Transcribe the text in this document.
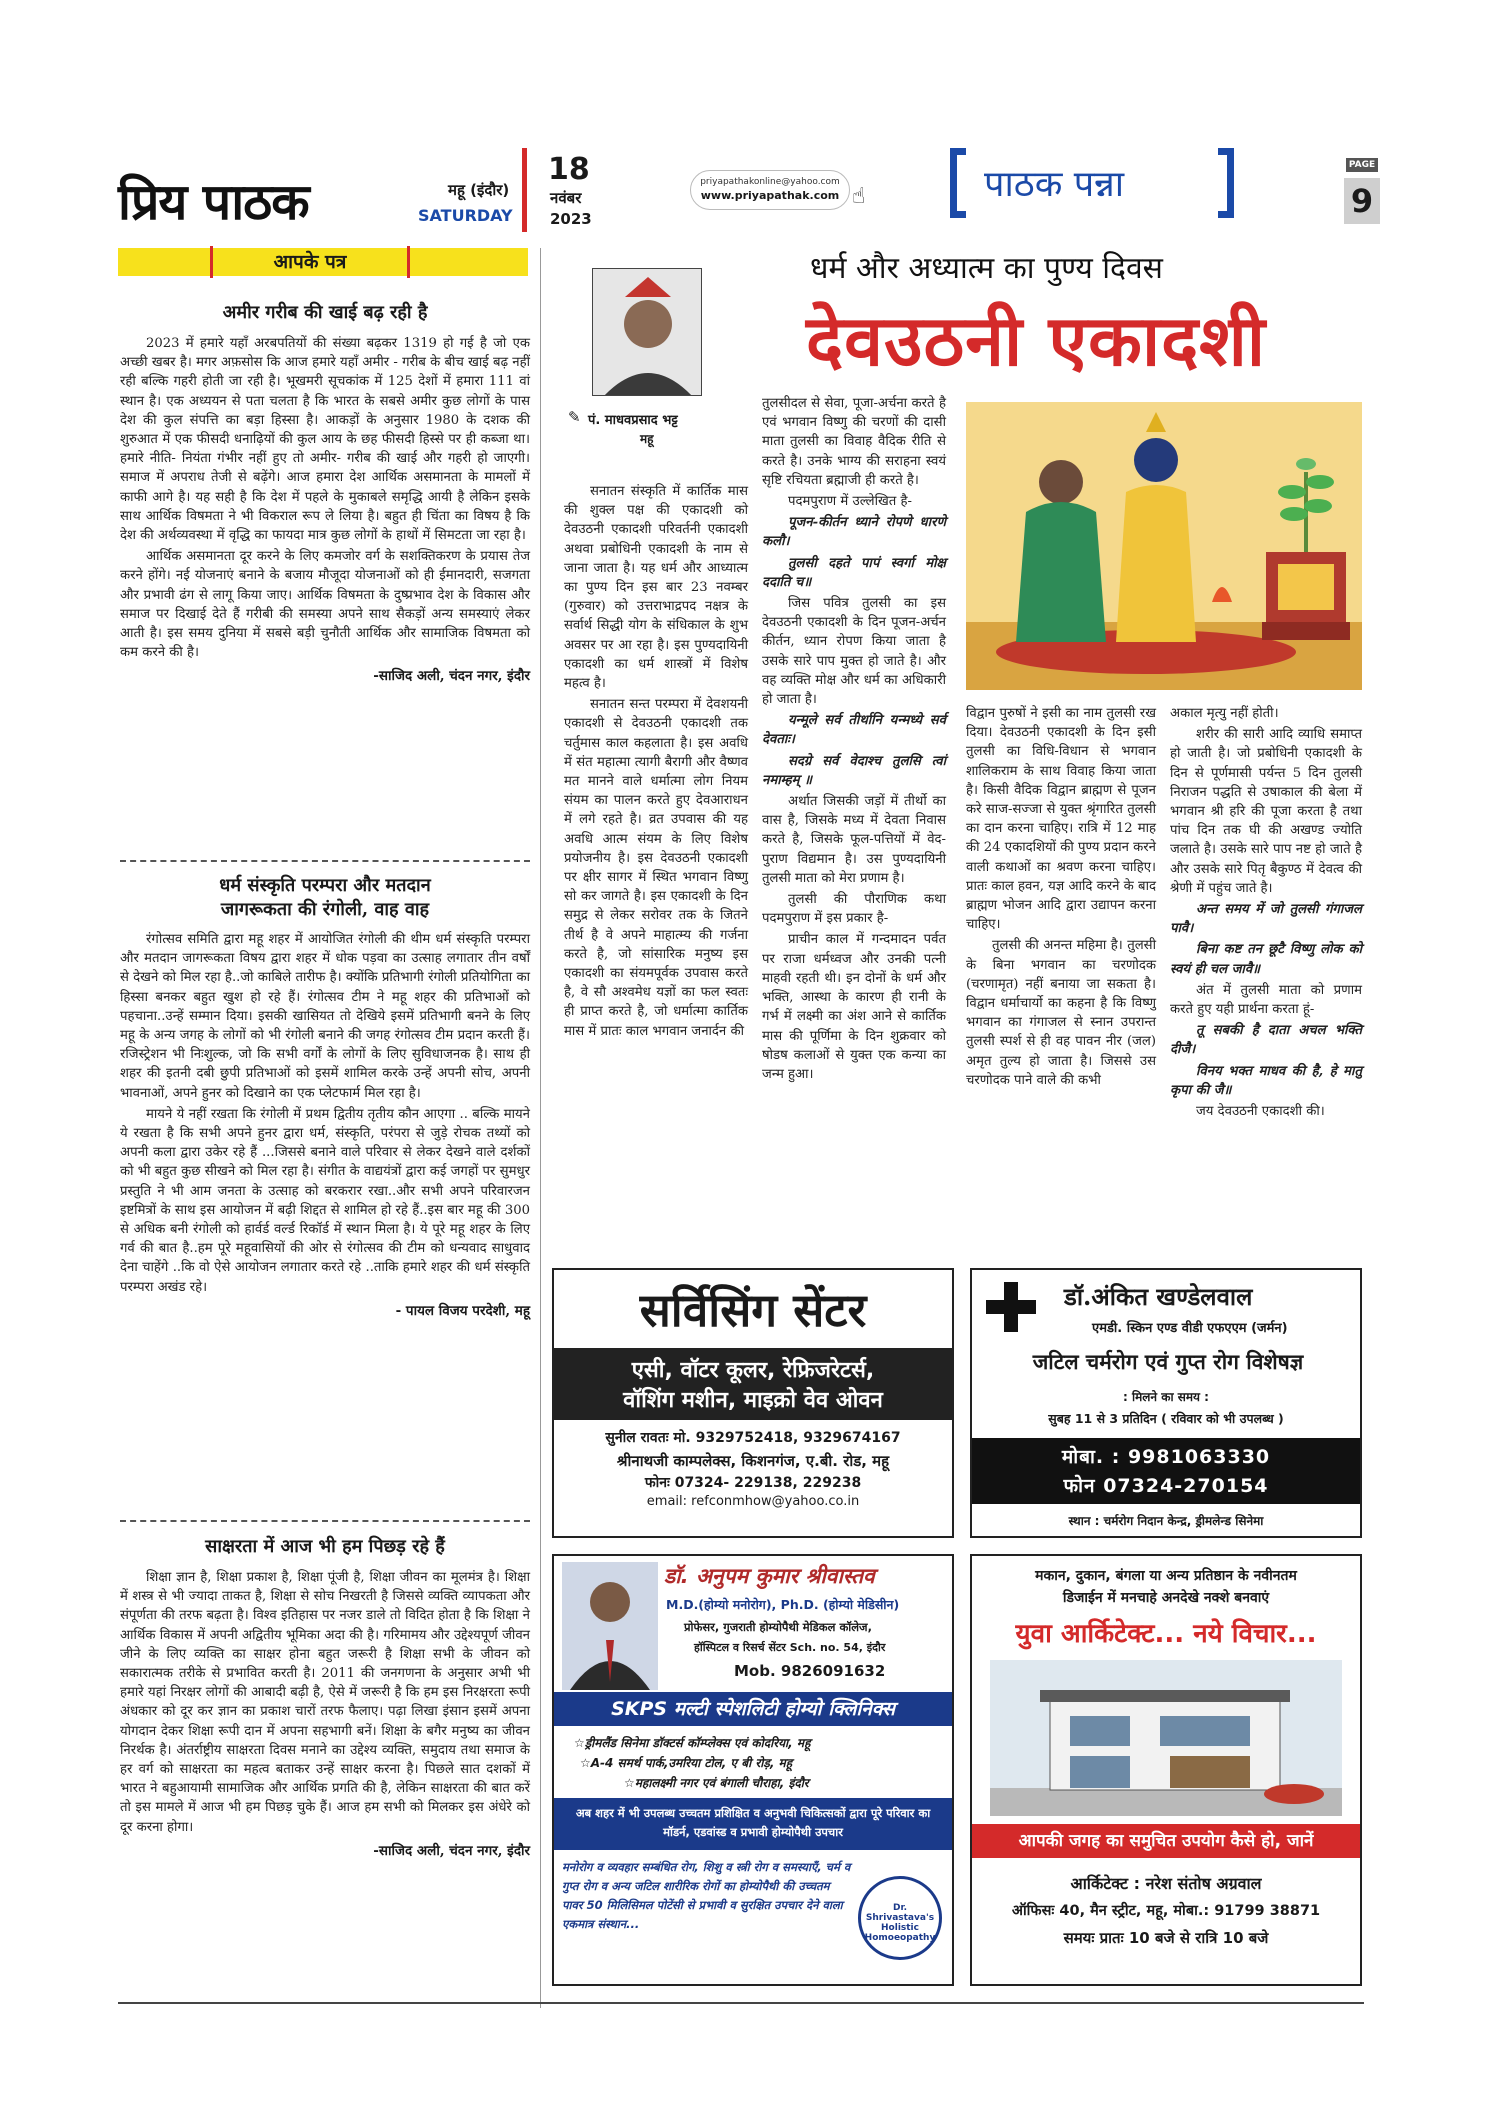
प्रिय पाठक	महू (इंदौर)
SATURDAY
18
नवंबर
2023
priyapathakonline@yahoo.com
www.priyapathak.com ☝	पाठक पन्ना	PAGE
9
आपके पत्र
अमीर गरीब की खाई बढ़ रही है

2023 में हमारे यहाँ अरबपतियों की संख्या बढ़कर 1319 हो गई है जो एक अच्छी खबर है। मगर अफ़सोस कि आज हमारे यहाँ अमीर - गरीब के बीच खाई बढ़ नहीं रही बल्कि गहरी होती जा रही है। भूखमरी सूचकांक में 125 देशों में हमारा 111 वां स्थान है। एक अध्ययन से पता चलता है कि भारत के सबसे अमीर कुछ लोगों के पास देश की कुल संपत्ति का बड़ा हिस्सा है। आकड़ों के अनुसार 1980 के दशक की शुरुआत में एक फीसदी धनाढ़ियों की कुल आय के छह फीसदी हिस्से पर ही कब्जा था। हमारे नीति- नियंता गंभीर नहीं हुए तो अमीर- गरीब की खाई और गहरी हो जाएगी। समाज में अपराध तेजी से बढ़ेंगे। आज हमारा देश आर्थिक असमानता के मामलों में काफी आगे है। यह सही है कि देश में पहले के मुकाबले समृद्धि आयी है लेकिन इसके साथ आर्थिक विषमता ने भी विकराल रूप ले लिया है। बहुत ही चिंता का विषय है कि देश की अर्थव्यवस्था में वृद्धि का फायदा मात्र कुछ लोगों के हाथों में सिमटता जा रहा है।

आर्थिक असमानता दूर करने के लिए कमजोर वर्ग के सशक्तिकरण के प्रयास तेज करने होंगे। नई योजनाएं बनाने के बजाय मौजूदा योजनाओं को ही ईमानदारी, सजगता और प्रभावी ढंग से लागू किया जाए। आर्थिक विषमता के दुष्प्रभाव देश के विकास और समाज पर दिखाई देते हैं गरीबी की समस्या अपने साथ सैकड़ों अन्य समस्याएं लेकर आती है। इस समय दुनिया में सबसे बड़ी चुनौती आर्थिक और सामाजिक विषमता को कम करने की है।

-साजिद अली, चंदन नगर, इंदौर
धर्म संस्कृति परम्परा और मतदान
जागरूकता की रंगोली, वाह वाह

रंगोत्सव समिति द्वारा महू शहर में आयोजित रंगोली की थीम धर्म संस्कृति परम्परा और मतदान जागरूकता विषय द्वारा शहर में धोक पड़वा का उत्साह लगातार तीन वर्षों से देखने को मिल रहा है..जो काबिले तारीफ है। क्योंकि प्रतिभागी रंगोली प्रतियोगिता का हिस्सा बनकर बहुत खुश हो रहे हैं। रंगोत्सव टीम ने महू शहर की प्रतिभाओं को पहचाना..उन्हें सम्मान दिया। इसकी खासियत तो देखिये इसमें प्रतिभागी बनने के लिए महू के अन्य जगह के लोगों को भी रंगोली बनाने की जगह रंगोत्सव टीम प्रदान करती हैं। रजिस्ट्रेशन भी निःशुल्क, जो कि सभी वर्गों के लोगों के लिए सुविधाजनक है। साथ ही शहर की इतनी दबी छुपी प्रतिभाओं को इसमें शामिल करके उन्हें अपनी सोच, अपनी भावनाओं, अपने हुनर को दिखाने का एक प्लेटफार्म मिल रहा है।

मायने ये नहीं रखता कि रंगोली में प्रथम द्वितीय तृतीय कौन आएगा .. बल्कि मायने ये रखता है कि सभी अपने हुनर द्वारा धर्म, संस्कृति, परंपरा से जुड़े रोचक तथ्यों को अपनी कला द्वारा उकेर रहे हैं ...जिससे बनाने वाले परिवार से लेकर देखने वाले दर्शकों को भी बहुत कुछ सीखने को मिल रहा है। संगीत के वाद्ययंत्रों द्वारा कई जगहों पर सुमधुर प्रस्तुति ने भी आम जनता के उत्साह को बरकरार रखा..और सभी अपने परिवारजन इष्टमित्रों के साथ इस आयोजन में बढ़ी शिद्दत से शामिल हो रहे हैं..इस बार महू की 300 से अधिक बनी रंगोली को हार्वर्ड वर्ल्ड रिकॉर्ड में स्थान मिला है। ये पूरे महू शहर के लिए गर्व की बात है..हम पूरे महूवासियों की ओर से रंगोत्सव की टीम को धन्यवाद साधुवाद देना चाहेंगे ..कि वो ऐसे आयोजन लगातार करते रहे ..ताकि हमारे शहर की धर्म संस्कृति परम्परा अखंड रहे।

- पायल विजय परदेशी, महू
साक्षरता में आज भी हम पिछड़ रहे हैं

शिक्षा ज्ञान है, शिक्षा प्रकाश है, शिक्षा पूंजी है, शिक्षा जीवन का मूलमंत्र है। शिक्षा में शस्त्र से भी ज्यादा ताकत है, शिक्षा से सोच निखरती है जिससे व्यक्ति व्यापकता और संपूर्णता की तरफ बढ़ता है। विश्व इतिहास पर नजर डाले तो विदित होता है कि शिक्षा ने आर्थिक विकास में अपनी अद्वितीय भूमिका अदा की है। गरिमामय और उद्देश्यपूर्ण जीवन जीने के लिए व्यक्ति का साक्षर होना बहुत जरूरी है शिक्षा सभी के जीवन को सकारात्मक तरीके से प्रभावित करती है। 2011 की जनगणना के अनुसार अभी भी हमारे यहां निरक्षर लोगों की आबादी बढ़ी है, ऐसे में जरूरी है कि हम इस निरक्षरता रूपी अंधकार को दूर कर ज्ञान का प्रकाश चारों तरफ फैलाए। पढ़ा लिखा इंसान इसमें अपना योगदान देकर शिक्षा रूपी दान में अपना सहभागी बनें। शिक्षा के बगैर मनुष्य का जीवन निरर्थक है। अंतर्राष्ट्रीय साक्षरता दिवस मनाने का उद्देश्य व्यक्ति, समुदाय तथा समाज के हर वर्ग को साक्षरता का महत्व बताकर उन्हें साक्षर करना है। पिछले सात दशकों में भारत ने बहुआयामी सामाजिक और आर्थिक प्रगति की है, लेकिन साक्षरता की बात करें तो इस मामले में आज भी हम पिछड़ चुके हैं। आज हम सभी को मिलकर इस अंधेरे को दूर करना होगा।

-साजिद अली, चंदन नगर, इंदौर
धर्म और अध्यात्म का पुण्य दिवस
देवउठनी एकादशी
✎ पं. माधवप्रसाद भट्ट
महू

सनातन संस्कृति में कार्तिक मास की शुक्ल पक्ष की एकादशी को देवउठनी एकादशी परिवर्तनी एकादशी अथवा प्रबोधिनी एकादशी के नाम से जाना जाता है। यह धर्म और आध्यात्म का पुण्य दिन इस बार 23 नवम्बर (गुरुवार) को उत्तराभाद्रपद नक्षत्र के सर्वार्थ सिद्धी योग के संधिकाल के शुभ अवसर पर आ रहा है। इस पुण्यदायिनी एकादशी का धर्म शास्त्रों में विशेष महत्व है।

सनातन सन्त परम्परा में देवशयनी एकादशी से देवउठनी एकादशी तक चर्तुमास काल कहलाता है। इस अवधि में संत महात्मा त्यागी बैरागी और वैष्णव मत मानने वाले धर्मात्मा लोग नियम संयम का पालन करते हुए देवआराधन में लगे रहते है। व्रत उपवास की यह अवधि आत्म संयम के लिए विशेष प्रयोजनीय है। इस देवउठनी एकादशी पर क्षीर सागर में स्थित भगवान विष्णु सो कर जागते है। इस एकादशी के दिन समुद्र से लेकर सरोवर तक के जितने तीर्थ है वे अपने माहात्म्य की गर्जना करते है, जो सांसारिक मनुष्य इस एकादशी का संयमपूर्वक उपवास करते है, वे सौ अश्वमेध यज्ञों का फल स्वतः ही प्राप्त करते है, जो धर्मात्मा कार्तिक मास में प्रातः काल भगवान जनार्दन की

तुलसीदल से सेवा, पूजा-अर्चना करते है एवं भगवान विष्णु की चरणों की दासी माता तुलसी का विवाह वैदिक रीति से करते है। उनके भाग्य की सराहना स्वयं सृष्टि रचियता ब्रह्माजी ही करते है।

पदमपुराण में उल्लेखित है-

पूजन-कीर्तन ध्याने रोपणे धारणे कलौ।

तुलसी दहते पापं स्वर्गा मोक्ष ददाति च॥

जिस पवित्र तुलसी का इस देवउठनी एकादशी के दिन पूजन-अर्चन कीर्तन, ध्यान रोपण किया जाता है उसके सारे पाप मुक्त हो जाते है। और वह व्यक्ति मोक्ष और धर्म का अधिकारी हो जाता है।

यन्मूले सर्व तीर्थानि यन्मध्ये सर्व देवताः।

सदग्रे सर्व वेदाश्च तुलसि त्वां नमाम्हम् ॥

अर्थात जिसकी जड़ों में तीर्थो का वास है, जिसके मध्य में देवता निवास करते है, जिसके फूल-पत्तियों में वेद-पुराण विद्यमान है। उस पुण्यदायिनी तुलसी माता को मेरा प्रणाम है।

तुलसी की पौराणिक कथा पदमपुराण में इस प्रकार है-

प्राचीन काल में गन्दमादन पर्वत पर राजा धर्मध्वज और उनकी पत्नी माहवी रहती थी। इन दोनों के धर्म और भक्ति, आस्था के कारण ही रानी के गर्भ में लक्ष्मी का अंश आने से कार्तिक मास की पूर्णिमा के दिन शुक्रवार को षोडष कलाओं से युक्त एक कन्या का जन्म हुआ।

विद्वान पुरुषों ने इसी का नाम तुलसी रख दिया। देवउठनी एकादशी के दिन इसी तुलसी का विधि-विधान से भगवान शालिकराम के साथ विवाह किया जाता है। किसी वैदिक विद्वान ब्राह्मण से पूजन करे साज-सज्जा से युक्त श्रृंगारित तुलसी का दान करना चाहिए। रात्रि में 12 माह की 24 एकादशियों की पुण्य प्रदान करने वाली कथाओं का श्रवण करना चाहिए। प्रातः काल हवन, यज्ञ आदि करने के बाद ब्राह्मण भोजन आदि द्वारा उद्यापन करना चाहिए।

तुलसी की अनन्त महिमा है। तुलसी के बिना भगवान का चरणोदक (चरणामृत) नहीं बनाया जा सकता है। विद्वान धर्माचार्यो का कहना है कि विष्णु भगवान का गंगाजल से स्नान उपरान्त तुलसी स्पर्श से ही वह पावन नीर (जल) अमृत तुल्य हो जाता है। जिससे उस चरणोदक पाने वाले की कभी

अकाल मृत्यु नहीं होती।

शरीर की सारी आदि व्याधि समाप्त हो जाती है। जो प्रबोधिनी एकादशी के दिन से पूर्णमासी पर्यन्त 5 दिन तुलसी निराजन पद्धति से उषाकाल की बेला में भगवान श्री हरि की पूजा करता है तथा पांच दिन तक घी की अखण्ड ज्योति जलाते है। उसके सारे पाप नष्ट हो जाते है और उसके सारे पितृ बैकुण्ठ में देवत्व की श्रेणी में पहुंच जाते है।

अन्त समय में जो तुलसी गंगाजल पावै।

बिना कष्ट तन छूटै विष्णु लोक को स्वयं ही चल जावै॥

अंत में तुलसी माता को प्रणाम करते हुए यही प्रार्थना करता हूं-

तू सबकी है दाता अचल भक्ति दीजै।

विनय भक्त माधव की है, हे मातु कृपा की जै॥

जय देवउठनी एकादशी की।

सर्विसिंग सेंटर
एसी, वॉटर कूलर, रेफ्रिजरेटर्स,
वॉशिंग मशीन, माइक्रो वेव ओवन
सुनील रावतः मो. 9329752418, 9329674167
श्रीनाथजी काम्पलेक्स, किशनगंज, ए.बी. रोड, महू
फोनः 07324- 229138, 229238
email: refconmhow@yahoo.co.in
डॉ.अंकित खण्डेलवाल
एमडी. स्किन एण्ड वीडी एफएएम (जर्मन)
जटिल चर्मरोग एवं गुप्त रोग विशेषज्ञ
: मिलने का समय :
सुबह 11 से 3 प्रतिदिन ( रविवार को भी उपलब्ध )
मोबा. : 9981063330
फोन 07324-270154
स्थान : चर्मरोग निदान केन्द्र, ड्रीमलेन्ड सिनेमा
डॉ. अनुपम कुमार श्रीवास्तव
M.D.(होम्यो मनोरोग), Ph.D. (होम्यो मेडिसीन)
प्रोफेसर, गुजराती होम्योपैथी मेडिकल कॉलेज,
हॉस्पिटल व रिसर्च सेंटर Sch. no. 54, इंदौर
Mob. 9826091632
SKPS मल्टी स्पेशलिटी होम्यो क्लिनिक्स
☆ड्रीमलैंड सिनेमा डॉक्टर्स कॉम्प्लेक्स एवं कोदरिया, महू
☆A-4 समर्थ पार्क,उमरिया टोल, ए बी रोड़, महू
☆महालक्ष्मी नगर एवं बंगाली चौराहा, इंदौर
अब शहर में भी उपलब्ध उच्चतम प्रशिक्षित व अनुभवी चिकित्सकों द्वारा पूरे परिवार का मॉडर्न, एडवांस्ड व प्रभावी होम्योपैथी उपचार
मनोरोग व व्यवहार सम्बंधित रोग, शिशु व स्त्री रोग व समस्याएँ, चर्म व गुप्त रोग व अन्य जटिल शारीरिक रोगों का होम्योपैथी की उच्चतम पावर 50 मिलिसिमल पोटेंसी से प्रभावी व सुरक्षित उपचार देने वाला एकमात्र संस्थान...
Dr. Shrivastava's Holistic Homoeopathy
मकान, दुकान, बंगला या अन्य प्रतिष्ठान के नवीनतम
डिजाईन में मनचाहे अनदेखे नक्शे बनवाएं
युवा आर्किटेक्ट... नये विचार...
आपकी जगह का समुचित उपयोग कैसे हो, जानें
आर्किटेक्ट : नरेश संतोष अग्रवाल
ऑफिसः 40, मैन स्ट्रीट, महू, मोबा.: 91799 38871
समयः प्रातः 10 बजे से रात्रि 10 बजे
